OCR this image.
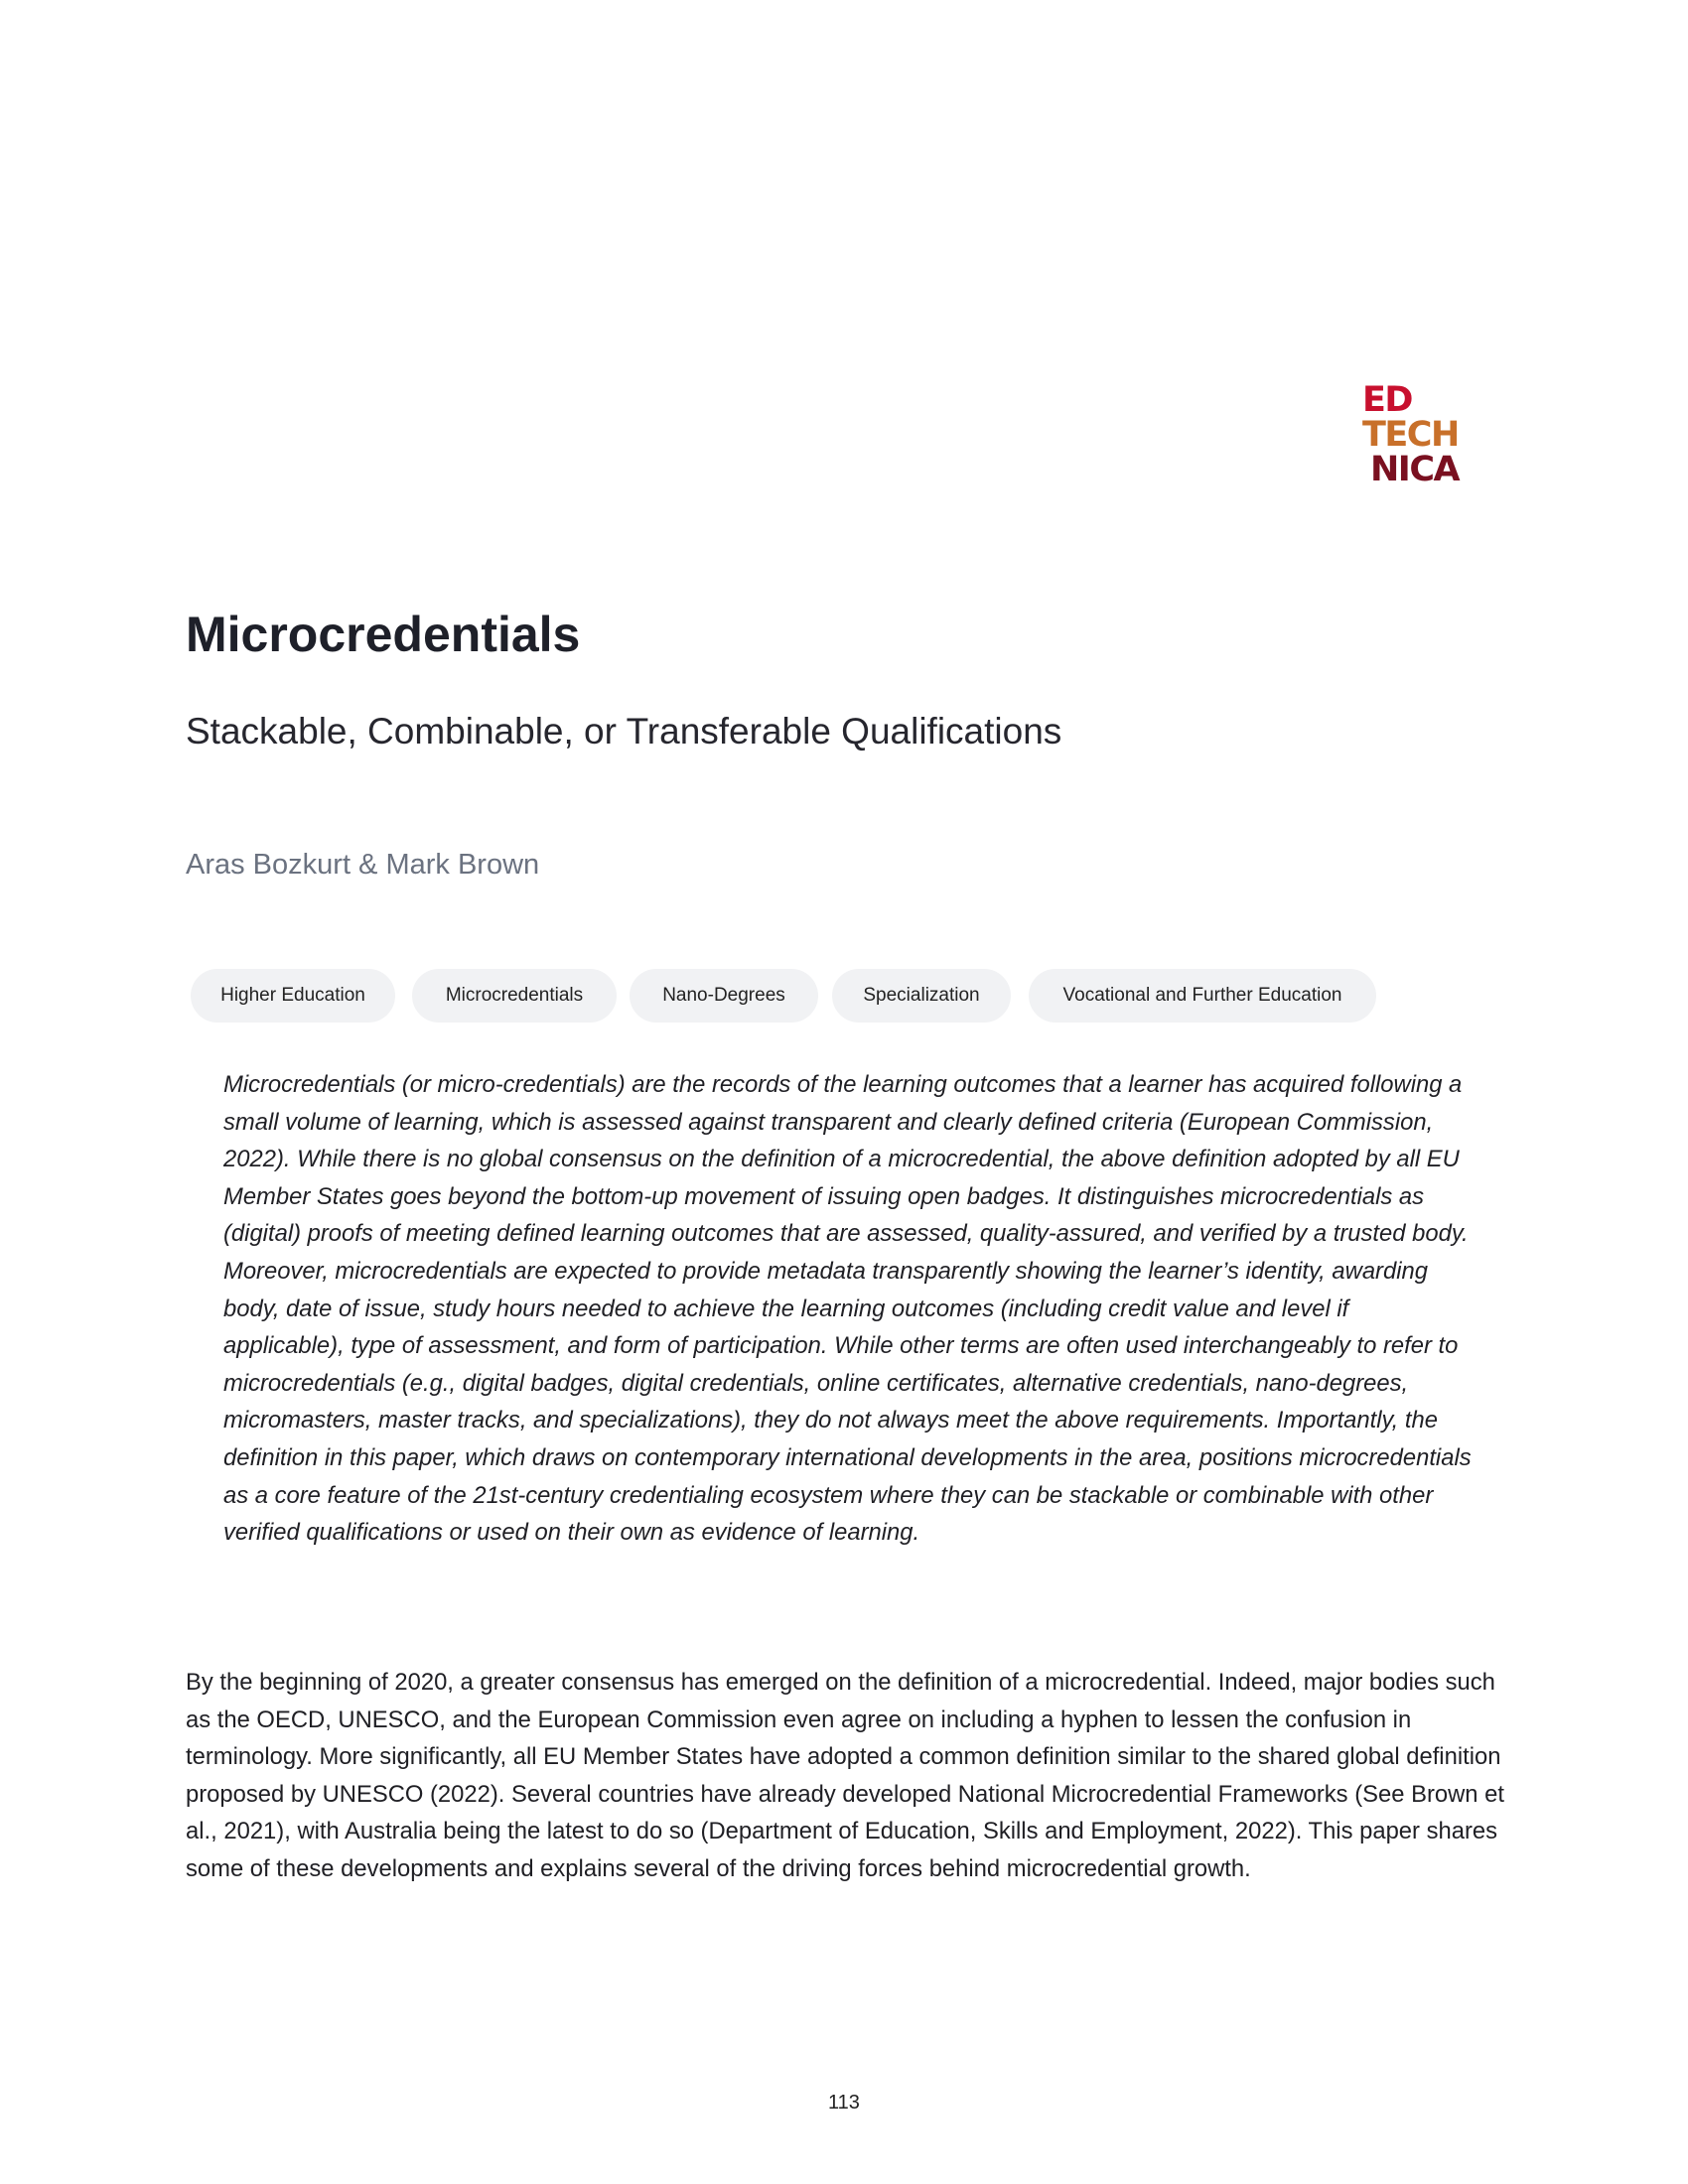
ED
TECH
NICA
Microcredentials
Stackable, Combinable, or Transferable Qualifications
Aras Bozkurt & Mark Brown
Higher Education	Microcredentials	Nano-Degrees	Specialization	Vocational and Further Education

Microcredentials (or micro-credentials) are the records of the learning outcomes that a learner has acquired following a small volume of learning, which is assessed against transparent and clearly defined criteria (European Commission, 2022). While there is no global consensus on the definition of a microcredential, the above definition adopted by all EU Member States goes beyond the bottom-up movement of issuing open badges. It distinguishes microcredentials as (digital) proofs of meeting defined learning outcomes that are assessed, quality-assured, and verified by a trusted body. Moreover, microcredentials are expected to provide metadata transparently showing the learner’s identity, awarding body, date of issue, study hours needed to achieve the learning outcomes (including credit value and level if applicable), type of assessment, and form of participation. While other terms are often used interchangeably to refer to microcredentials (e.g., digital badges, digital credentials, online certificates, alternative credentials, nano-degrees, micromasters, master tracks, and specializations), they do not always meet the above requirements. Importantly, the definition in this paper, which draws on contemporary international developments in the area, positions microcredentials as a core feature of the 21st-century credentialing ecosystem where they can be stackable or combinable with other verified qualifications or used on their own as evidence of learning.

By the beginning of 2020, a greater consensus has emerged on the definition of a microcredential. Indeed, major bodies such as the OECD, UNESCO, and the European Commission even agree on including a hyphen to lessen the confusion in terminology. More significantly, all EU Member States have adopted a common definition similar to the shared global definition proposed by UNESCO (2022). Several countries have already developed National Microcredential Frameworks (See Brown et al., 2021), with Australia being the latest to do so (Department of Education, Skills and Employment, 2022). This paper shares some of these developments and explains several of the driving forces behind microcredential growth.

113
